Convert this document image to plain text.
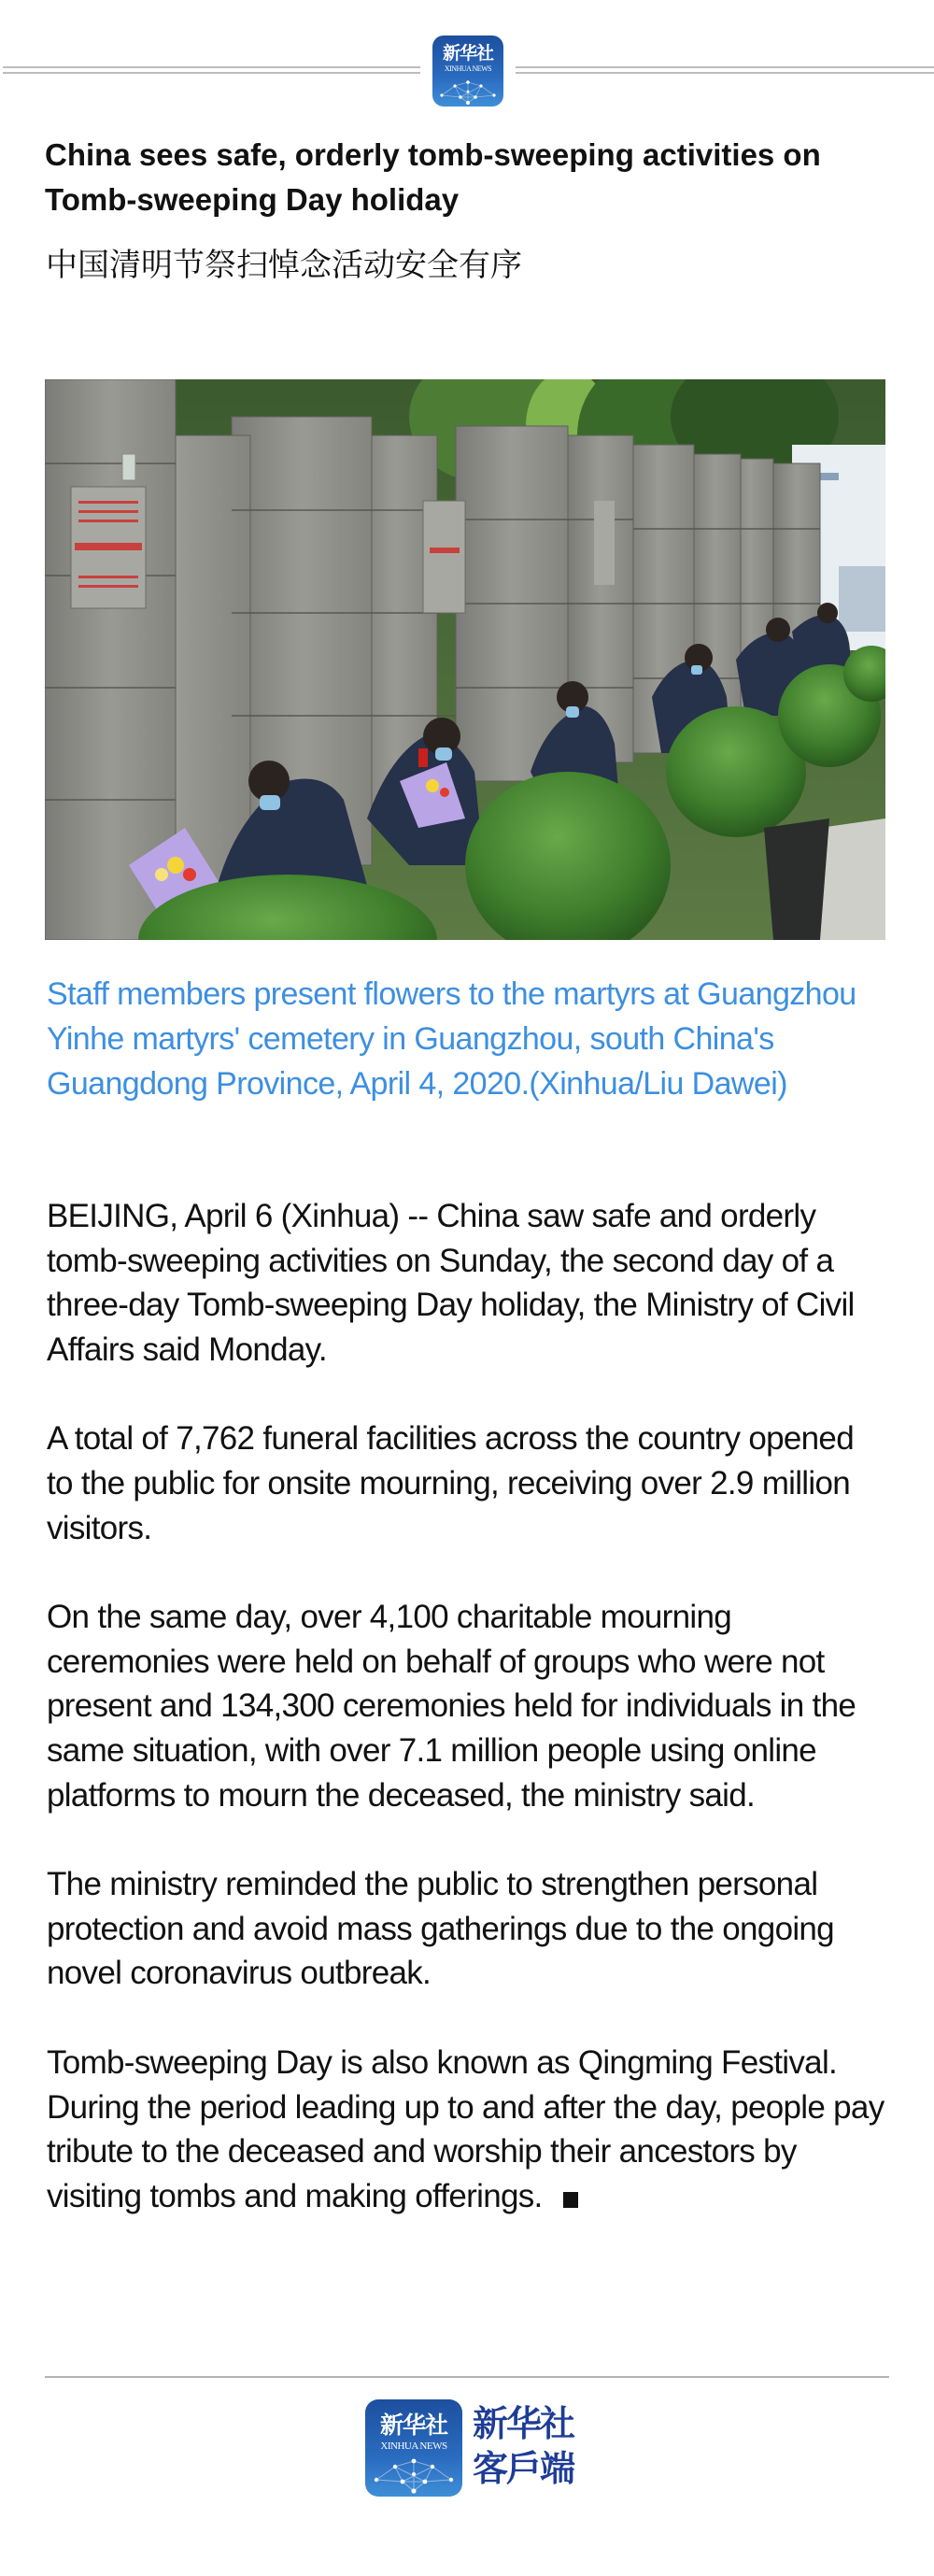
新华社
XINHUA NEWS
China sees safe, orderly tomb-sweeping activities on Tomb-sweeping Day holiday
中国清明节祭扫悼念活动安全有序

Staff members present flowers to the martyrs at Guangzhou Yinhe martyrs' cemetery in Guangzhou, south China's Guangdong Province, April 4, 2020.(Xinhua/Liu Dawei)

BEIJING, April 6 (Xinhua) -- China saw safe and orderly tomb-sweeping activities on Sunday, the second day of a three-day Tomb-sweeping Day holiday, the Ministry of Civil Affairs said Monday.

A total of 7,762 funeral facilities across the country opened to the public for onsite mourning, receiving over 2.9 million visitors.

On the same day, over 4,100 charitable mourning ceremonies were held on behalf of groups who were not present and 134,300 ceremonies held for individuals in the same situation, with over 7.1 million people using online platforms to mourn the deceased, the ministry said.

The ministry reminded the public to strengthen personal protection and avoid mass gatherings due to the ongoing novel coronavirus outbreak.

Tomb-sweeping Day is also known as Qingming Festival. During the period leading up to and after the day, people pay tribute to the deceased and worship their ancestors by visiting tombs and making offerings.

新华社
XINHUA NEWS
新华社
客戶端
